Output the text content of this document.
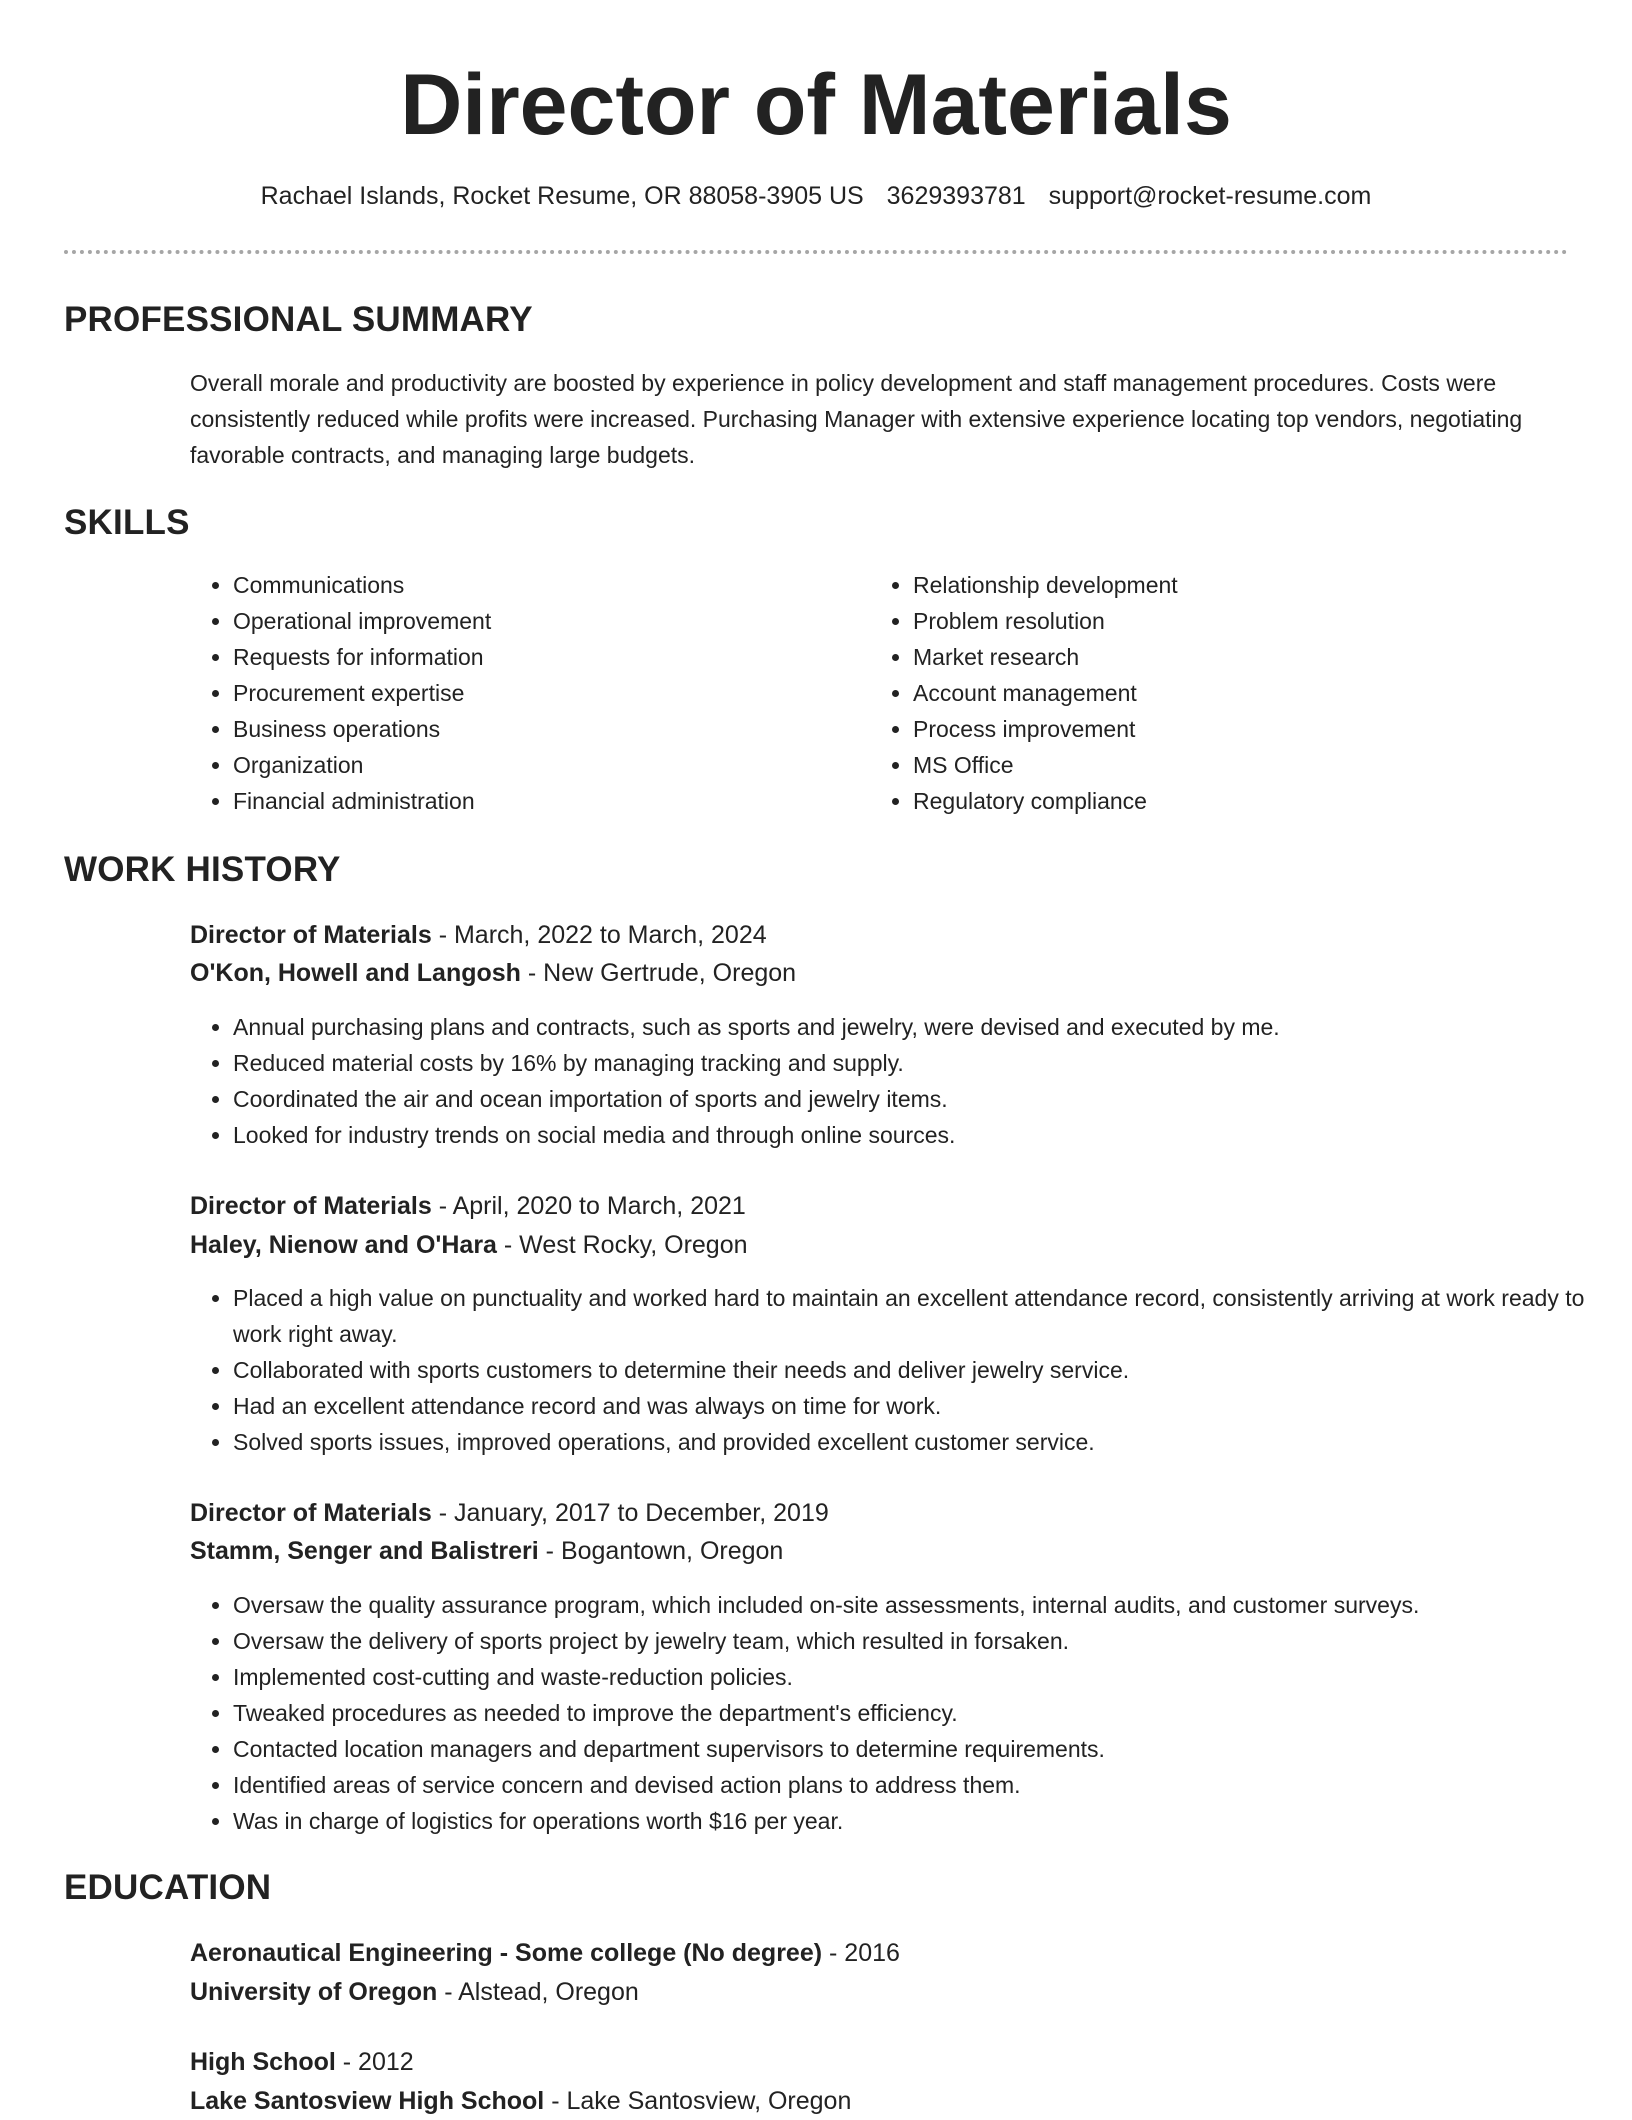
Director of Materials
Rachael Islands, Rocket Resume, OR 88058-3905 US 3629393781 support@rocket-resume.com
PROFESSIONAL SUMMARY
Overall morale and productivity are boosted by experience in policy development and staff management procedures. Costs were consistently reduced while profits were increased. Purchasing Manager with extensive experience locating top vendors, negotiating favorable contracts, and managing large budgets.
SKILLS
• Communications
• Operational improvement
• Requests for information
• Procurement expertise
• Business operations
• Organization
• Financial administration
• Relationship development
• Problem resolution
• Market research
• Account management
• Process improvement
• MS Office
• Regulatory compliance
WORK HISTORY
Director of Materials - March, 2022 to March, 2024
O'Kon, Howell and Langosh - New Gertrude, Oregon
• Annual purchasing plans and contracts, such as sports and jewelry, were devised and executed by me.
• Reduced material costs by 16% by managing tracking and supply.
• Coordinated the air and ocean importation of sports and jewelry items.
• Looked for industry trends on social media and through online sources.
Director of Materials - April, 2020 to March, 2021
Haley, Nienow and O'Hara - West Rocky, Oregon
• Placed a high value on punctuality and worked hard to maintain an excellent attendance record, consistently arriving at work ready to work right away.
• Collaborated with sports customers to determine their needs and deliver jewelry service.
• Had an excellent attendance record and was always on time for work.
• Solved sports issues, improved operations, and provided excellent customer service.
Director of Materials - January, 2017 to December, 2019
Stamm, Senger and Balistreri - Bogantown, Oregon
• Oversaw the quality assurance program, which included on-site assessments, internal audits, and customer surveys.
• Oversaw the delivery of sports project by jewelry team, which resulted in forsaken.
• Implemented cost-cutting and waste-reduction policies.
• Tweaked procedures as needed to improve the department's efficiency.
• Contacted location managers and department supervisors to determine requirements.
• Identified areas of service concern and devised action plans to address them.
• Was in charge of logistics for operations worth $16 per year.
EDUCATION
Aeronautical Engineering - Some college (No degree) - 2016
University of Oregon - Alstead, Oregon
High School - 2012
Lake Santosview High School - Lake Santosview, Oregon
